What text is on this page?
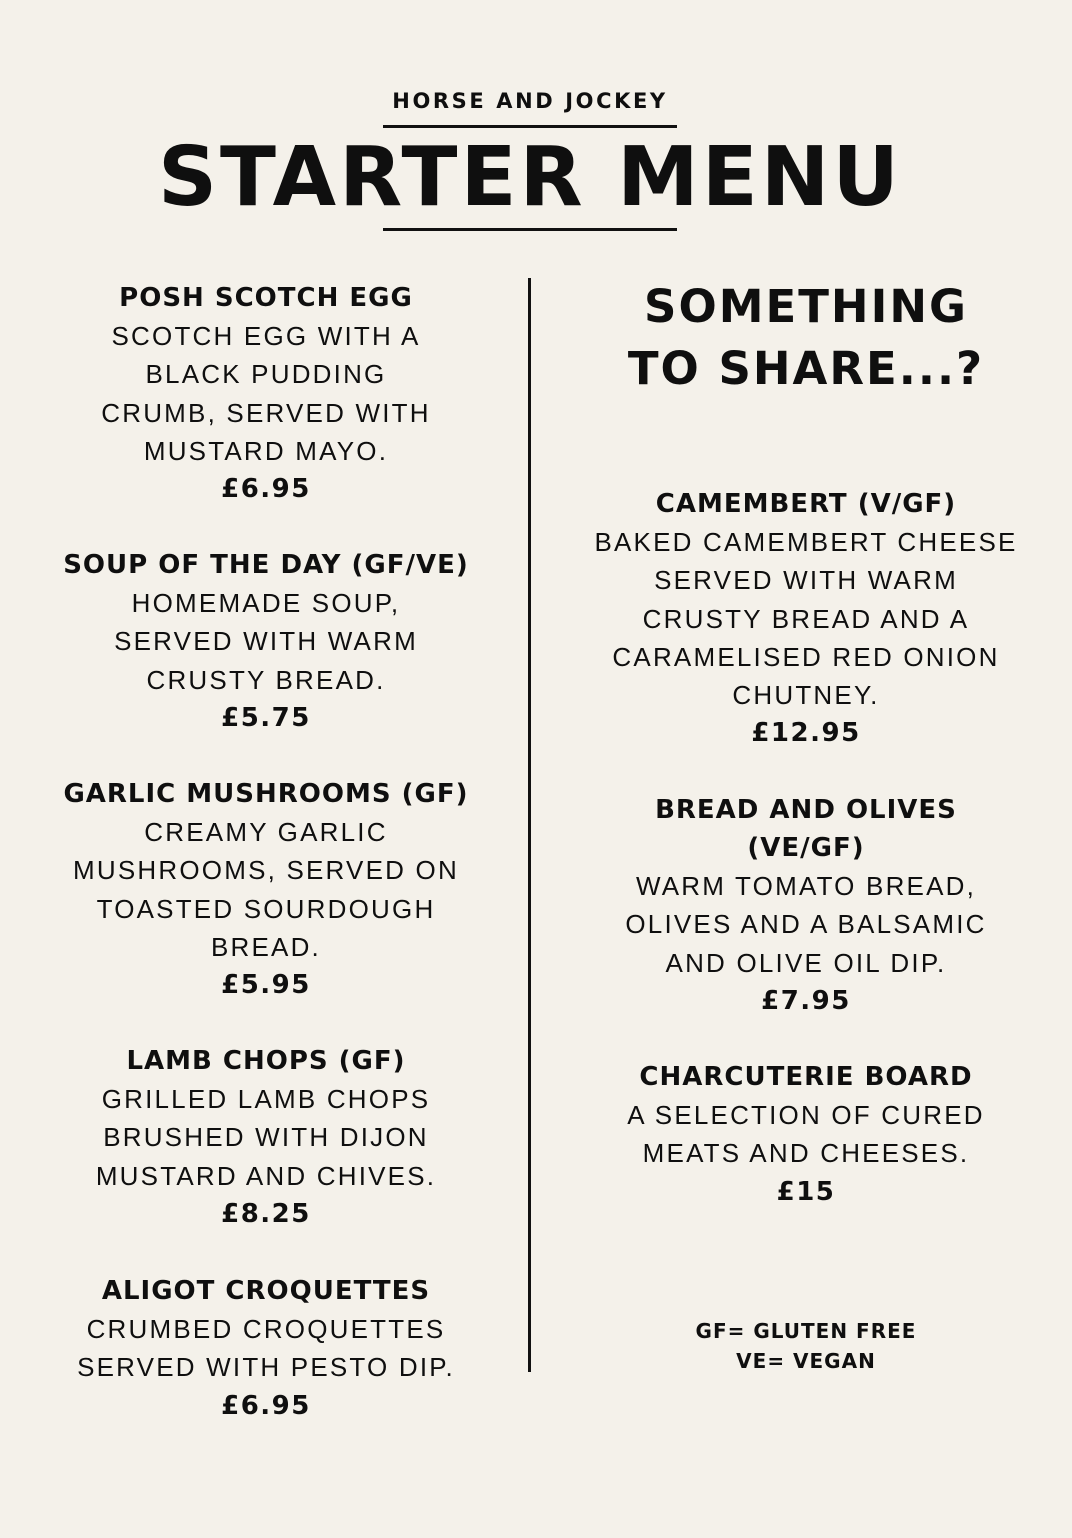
HORSE AND JOCKEY
STARTER MENU
POSH SCOTCH EGG
SCOTCH EGG WITH A BLACK PUDDING CRUMB, SERVED WITH MUSTARD MAYO.
£6.95
SOUP OF THE DAY (GF/VE)
HOMEMADE SOUP, SERVED WITH WARM CRUSTY BREAD.
£5.75
GARLIC MUSHROOMS (GF)
CREAMY GARLIC MUSHROOMS, SERVED ON TOASTED SOURDOUGH BREAD.
£5.95
LAMB CHOPS (GF)
GRILLED LAMB CHOPS BRUSHED WITH DIJON MUSTARD AND CHIVES.
£8.25
ALIGOT CROQUETTES
CRUMBED CROQUETTES SERVED WITH PESTO DIP.
£6.95
SOMETHING
TO SHARE...?
CAMEMBERT (V/GF)
BAKED CAMEMBERT CHEESE SERVED WITH WARM CRUSTY BREAD AND A CARAMELISED RED ONION CHUTNEY.
£12.95
BREAD AND OLIVES (VE/GF)
WARM TOMATO BREAD, OLIVES AND A BALSAMIC AND OLIVE OIL DIP.
£7.95
CHARCUTERIE BOARD
A SELECTION OF CURED MEATS AND CHEESES.
£15
GF= GLUTEN FREE
VE= VEGAN
